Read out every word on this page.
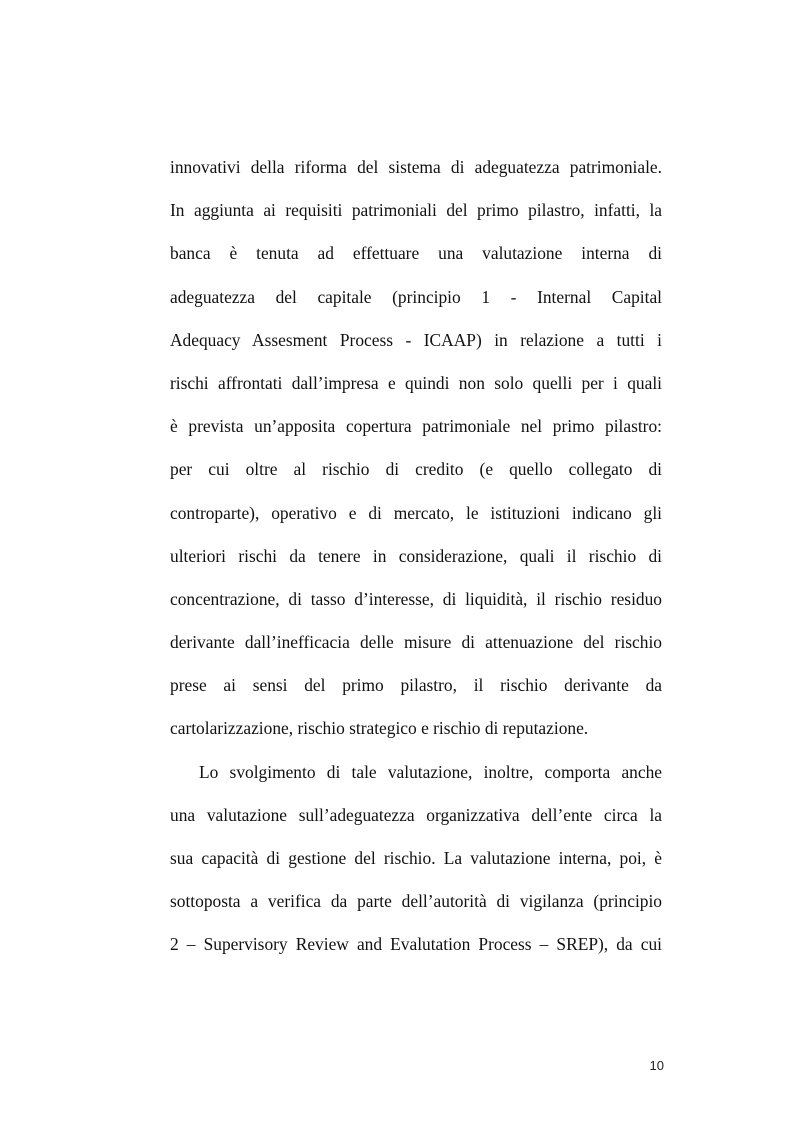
innovativi della riforma del sistema di adeguatezza patrimoniale.
In aggiunta ai requisiti patrimoniali del primo pilastro, infatti, la
banca è tenuta ad effettuare una valutazione interna di
adeguatezza del capitale (principio 1 - Internal Capital
Adequacy Assesment Process - ICAAP) in relazione a tutti i
rischi affrontati dall’impresa e quindi non solo quelli per i quali
è prevista un’apposita copertura patrimoniale nel primo pilastro:
per cui oltre al rischio di credito (e quello collegato di
controparte), operativo e di mercato, le istituzioni indicano gli
ulteriori rischi da tenere in considerazione, quali il rischio di
concentrazione, di tasso d’interesse, di liquidità, il rischio residuo
derivante dall’inefficacia delle misure di attenuazione del rischio
prese ai sensi del primo pilastro, il rischio derivante da
cartolarizzazione, rischio strategico e rischio di reputazione.
Lo svolgimento di tale valutazione, inoltre, comporta anche
una valutazione sull’adeguatezza organizzativa dell’ente circa la
sua capacità di gestione del rischio. La valutazione interna, poi, è
sottoposta a verifica da parte dell’autorità di vigilanza (principio
2 – Supervisory Review and Evalutation Process – SREP), da cui
10
